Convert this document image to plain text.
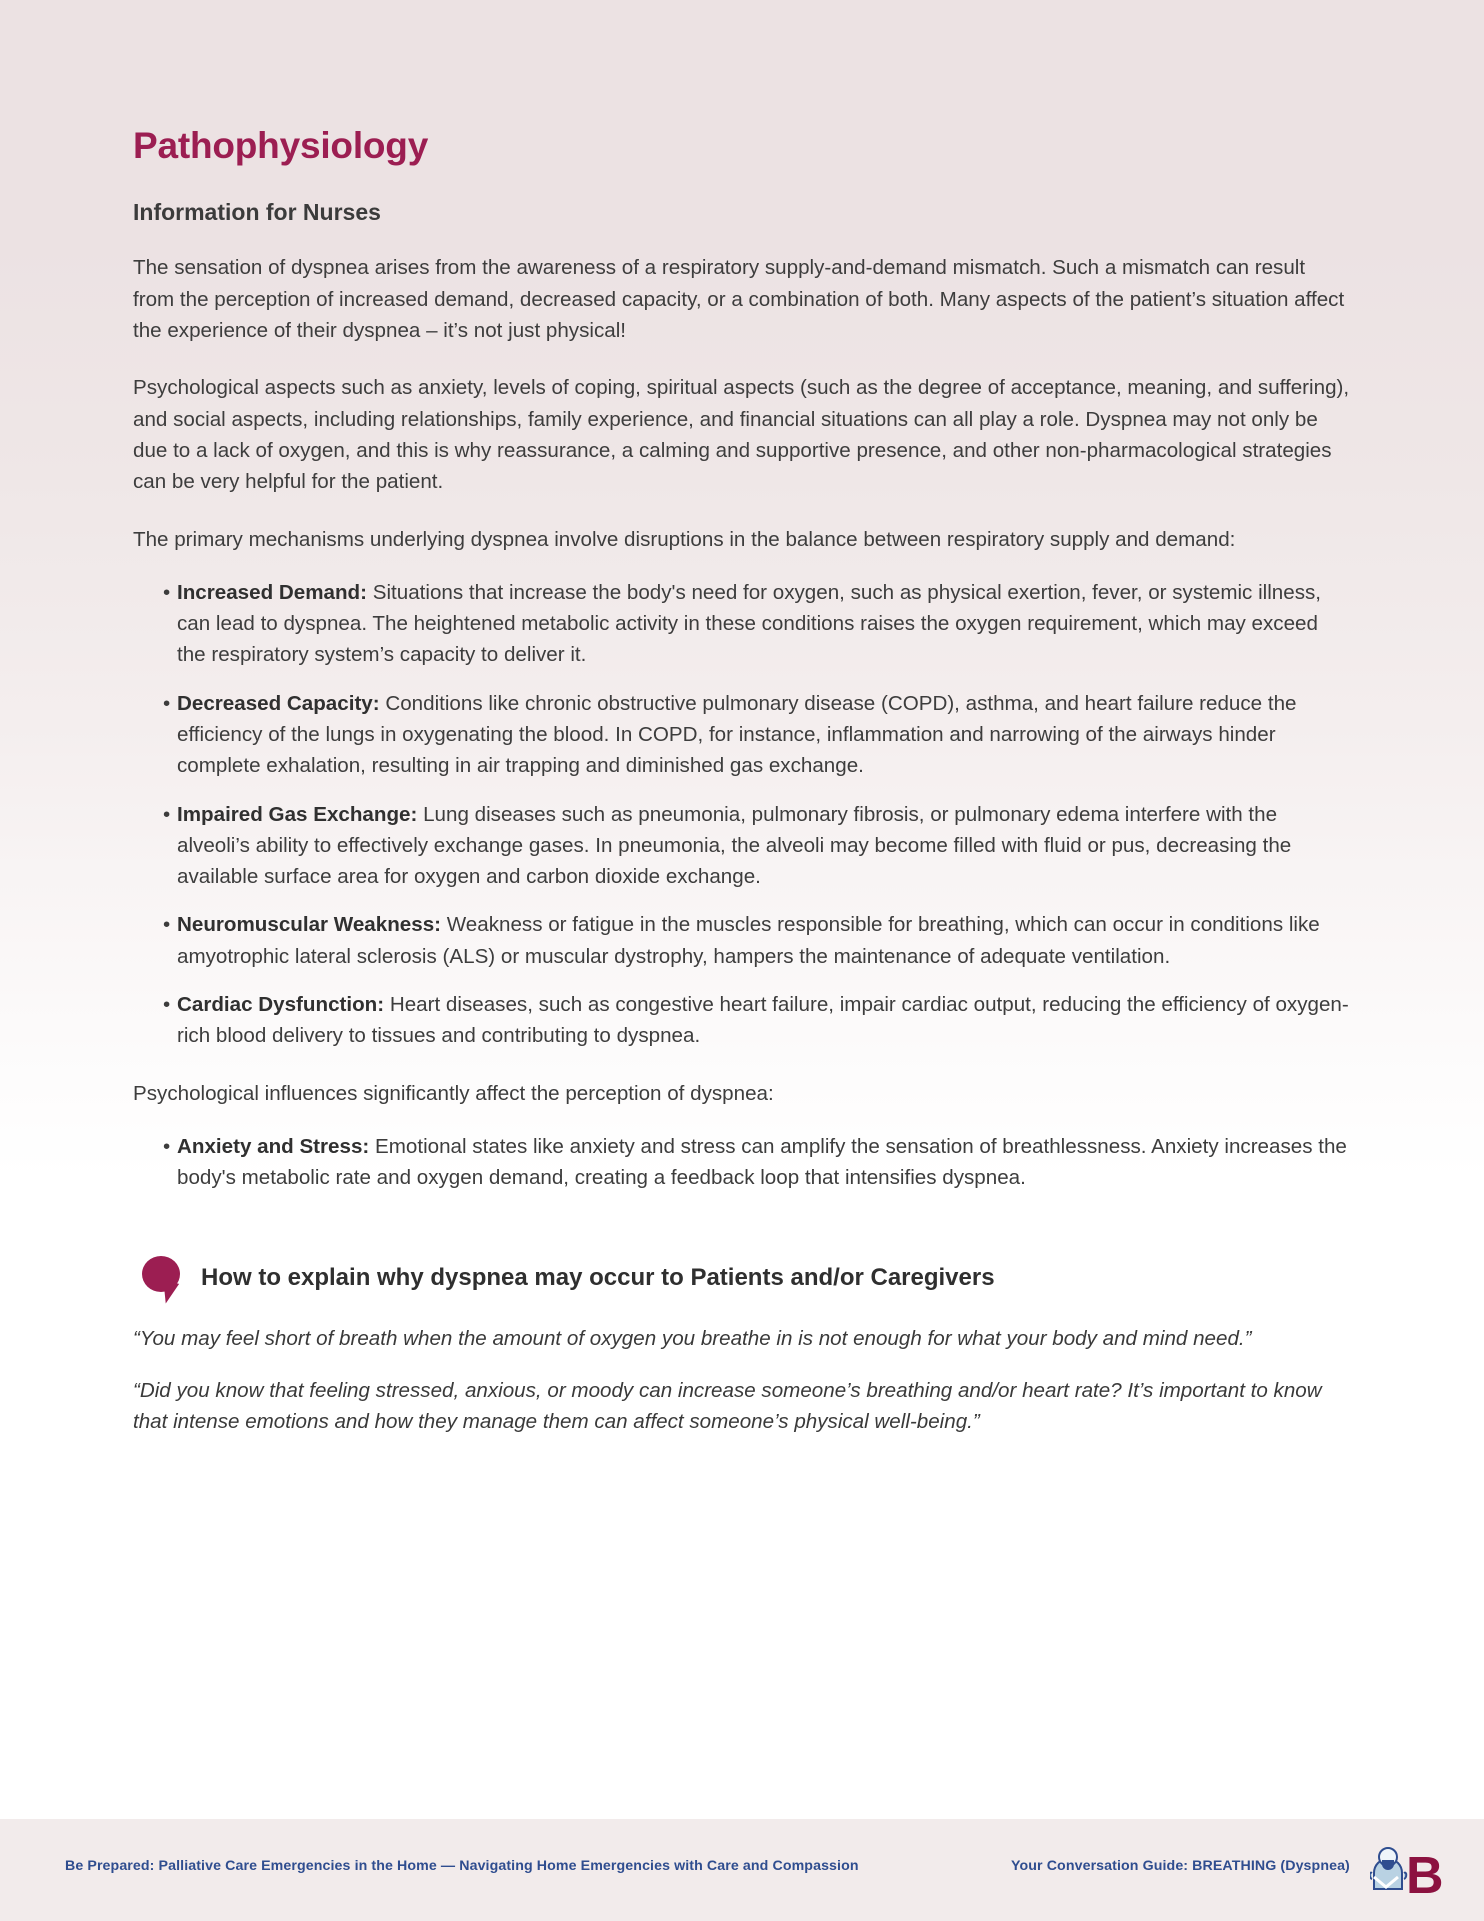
Pathophysiology
Information for Nurses

The sensation of dyspnea arises from the awareness of a respiratory supply-and-demand mismatch. Such a mismatch can result from the perception of increased demand, decreased capacity, or a combination of both. Many aspects of the patient’s situation affect the experience of their dyspnea – it’s not just physical!

Psychological aspects such as anxiety, levels of coping, spiritual aspects (such as the degree of acceptance, meaning, and suffering), and social aspects, including relationships, family experience, and financial situations can all play a role. Dyspnea may not only be due to a lack of oxygen, and this is why reassurance, a calming and supportive presence, and other non-pharmacological strategies can be very helpful for the patient.

The primary mechanisms underlying dyspnea involve disruptions in the balance between respiratory supply and demand:

• Increased Demand: Situations that increase the body's need for oxygen, such as physical exertion, fever, or systemic illness, can lead to dyspnea. The heightened metabolic activity in these conditions raises the oxygen requirement, which may exceed the respiratory system’s capacity to deliver it.
• Decreased Capacity: Conditions like chronic obstructive pulmonary disease (COPD), asthma, and heart failure reduce the efficiency of the lungs in oxygenating the blood. In COPD, for instance, inflammation and narrowing of the airways hinder complete exhalation, resulting in air trapping and diminished gas exchange.
• Impaired Gas Exchange: Lung diseases such as pneumonia, pulmonary fibrosis, or pulmonary edema interfere with the alveoli’s ability to effectively exchange gases. In pneumonia, the alveoli may become filled with fluid or pus, decreasing the available surface area for oxygen and carbon dioxide exchange.
• Neuromuscular Weakness: Weakness or fatigue in the muscles responsible for breathing, which can occur in conditions like amyotrophic lateral sclerosis (ALS) or muscular dystrophy, hampers the maintenance of adequate ventilation.
• Cardiac Dysfunction: Heart diseases, such as congestive heart failure, impair cardiac output, reducing the efficiency of oxygen-rich blood delivery to tissues and contributing to dyspnea.

Psychological influences significantly affect the perception of dyspnea:

• Anxiety and Stress: Emotional states like anxiety and stress can amplify the sensation of breathlessness. Anxiety increases the body's metabolic rate and oxygen demand, creating a feedback loop that intensifies dyspnea.
How to explain why dyspnea may occur to Patients and/or Caregivers

“You may feel short of breath when the amount of oxygen you breathe in is not enough for what your body and mind need.”

“Did you know that feeling stressed, anxious, or moody can increase someone’s breathing and/or heart rate? It’s important to know that intense emotions and how they manage them can affect someone’s physical well-being.”

Be Prepared: Palliative Care Emergencies in the Home — Navigating Home Emergencies with Care and Compassion	Your Conversation Guide: BREATHING (Dyspnea) B
